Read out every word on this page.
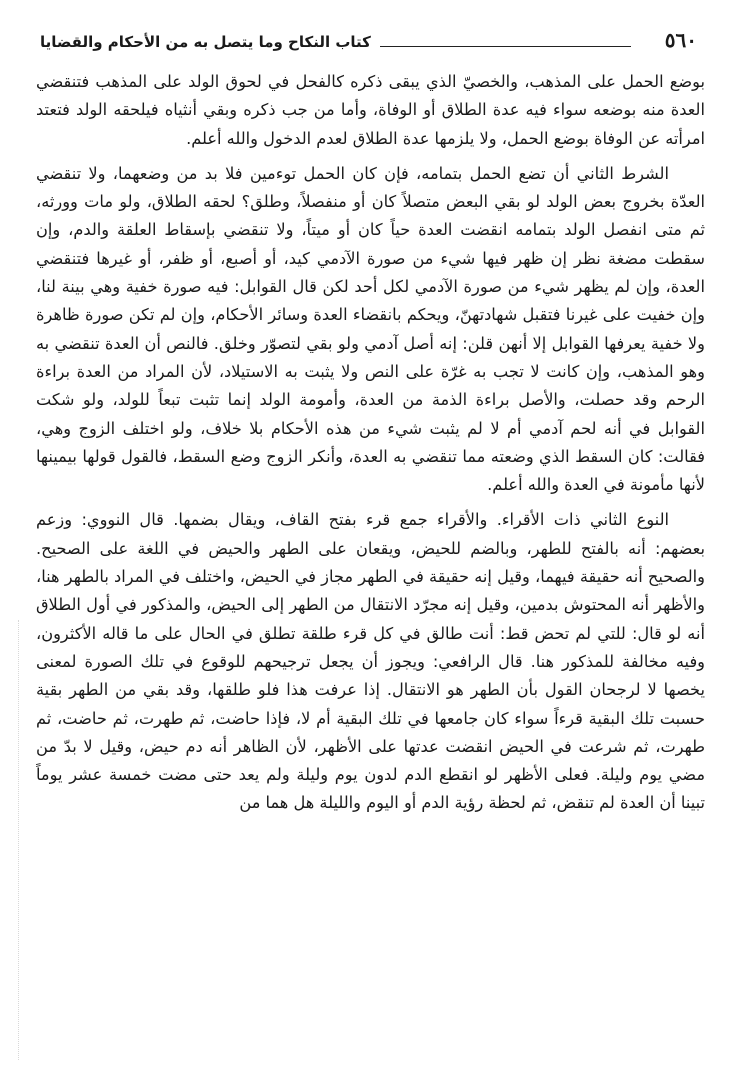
٥٦٠
كتاب النكاح وما يتصل به من الأحكام والقضايا

بوضع الحمل على المذهب، والخصيّ الذي يبقى ذكره كالفحل في لحوق الولد على المذهب فتنقضي العدة منه بوضعه سواء فيه عدة الطلاق أو الوفاة، وأما من جب ذكره وبقي أنثياه فيلحقه الولد فتعتد امرأته عن الوفاة بوضع الحمل، ولا يلزمها عدة الطلاق لعدم الدخول والله أعلم.

الشرط الثاني أن تضع الحمل بتمامه، فإن كان الحمل توءمين فلا بد من وضعهما، ولا تنقضي العدّة بخروج بعض الولد لو بقي البعض متصلاً كان أو منفصلاً، وطلق؟ لحقه الطلاق، ولو مات وورثه، ثم متى انفصل الولد بتمامه انقضت العدة حياً كان أو ميتاً، ولا تنقضي بإسقاط العلقة والدم، وإن سقطت مضغة نظر إن ظهر فيها شيء من صورة الآدمي كيد، أو أصبع، أو ظفر، أو غيرها فتنقضي العدة، وإن لم يظهر شيء من صورة الآدمي لكل أحد لكن قال القوابل: فيه صورة خفية وهي بينة لنا، وإن خفيت على غيرنا فتقبل شهادتهنّ، ويحكم بانقضاء العدة وسائر الأحكام، وإن لم تكن صورة ظاهرة ولا خفية يعرفها القوابل إلا أنهن قلن: إنه أصل آدمي ولو بقي لتصوّر وخلق. فالنص أن العدة تنقضي به وهو المذهب، وإن كانت لا تجب به غرّة على النص ولا يثبت به الاستيلاد، لأن المراد من العدة براءة الرحم وقد حصلت، والأصل براءة الذمة من العدة، وأمومة الولد إنما تثبت تبعاً للولد، ولو شكت القوابل في أنه لحم آدمي أم لا لم يثبت شيء من هذه الأحكام بلا خلاف، ولو اختلف الزوج وهي، فقالت: كان السقط الذي وضعته مما تنقضي به العدة، وأنكر الزوج وضع السقط، فالقول قولها بيمينها لأنها مأمونة في العدة والله أعلم.

النوع الثاني ذات الأقراء. والأقراء جمع قرء بفتح القاف، ويقال بضمها. قال النووي: وزعم بعضهم: أنه بالفتح للطهر، وبالضم للحيض، ويقعان على الطهر والحيض في اللغة على الصحيح. والصحيح أنه حقيقة فيهما، وقيل إنه حقيقة في الطهر مجاز في الحيض، واختلف في المراد بالطهر هنا، والأظهر أنه المحتوش بدمين، وقيل إنه مجرّد الانتقال من الطهر إلى الحيض، والمذكور في أول الطلاق أنه لو قال: للتي لم تحض قط: أنت طالق في كل قرء طلقة تطلق في الحال على ما قاله الأكثرون، وفيه مخالفة للمذكور هنا. قال الرافعي: ويجوز أن يجعل ترجيحهم للوقوع في تلك الصورة لمعنى يخصها لا لرجحان القول بأن الطهر هو الانتقال. إذا عرفت هذا فلو طلقها، وقد بقي من الطهر بقية حسبت تلك البقية قرءاً سواء كان جامعها في تلك البقية أم لا، فإذا حاضت، ثم طهرت، ثم حاضت، ثم طهرت، ثم شرعت في الحيض انقضت عدتها على الأظهر، لأن الظاهر أنه دم حيض، وقيل لا بدّ من مضي يوم وليلة. فعلى الأظهر لو انقطع الدم لدون يوم وليلة ولم يعد حتى مضت خمسة عشر يوماً تبينا أن العدة لم تنقض، ثم لحظة رؤية الدم أو اليوم والليلة هل هما من
